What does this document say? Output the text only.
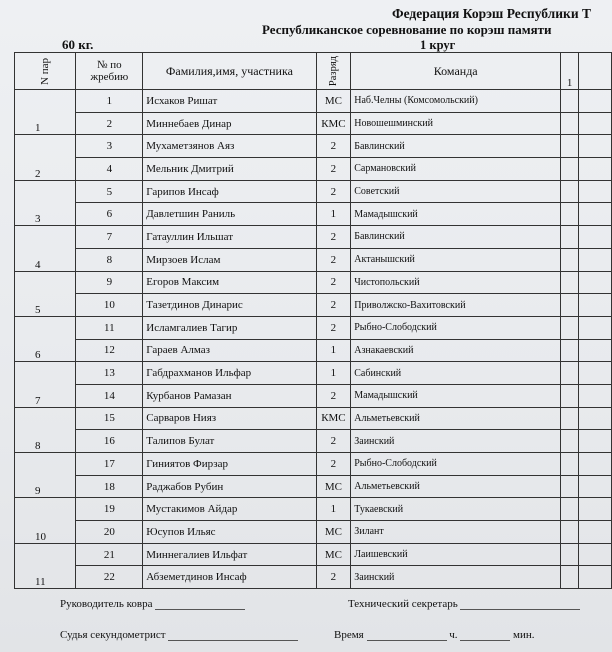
Федерация Корэш Республики Т
Республиканское соревнование по корэш памяти
1 круг
60 кг.
N пар	№ по жребию	Фамилия,имя, участника	Разряд	Команда	1	
1	1	Исхаков Ришат	МС	Наб.Челны (Комсомольский)		
	2	Миннебаев Динар	КМС	Новошешминский		
2	3	Мухаметзянов Аяз	2	Бавлинский		
	4	Мельник Дмитрий	2	Сармановский		
3	5	Гарипов Инсаф	2	Советский		
	6	Давлетшин Раниль	1	Мамадышский		
4	7	Гатауллин Ильшат	2	Бавлинский		
	8	Мирзоев Ислам	2	Актанышский		
5	9	Егоров Максим	2	Чистопольский		
	10	Тазетдинов Динарис	2	Приволжско-Вахитовский		
6	11	Исламгалиев Тагир	2	Рыбно-Слободский		
	12	Гараев Алмаз	1	Азнакаевский		
7	13	Габдрахманов Ильфар	1	Сабинский		
	14	Курбанов Рамазан	2	Мамадышский		
8	15	Сарваров Нияз	КМС	Альметьевский		
	16	Талипов Булат	2	Заинский		
9	17	Гиниятов Фирзар	2	Рыбно-Слободский		
	18	Раджабов Рубин	МС	Альметьевский		
10	19	Мустакимов Айдар	1	Тукаевский		
	20	Юсупов Ильяс	МС	Зилант		
11	21	Миннегалиев Ильфат	МС	Лаишевский		
	22	Абземетдинов Инсаф	2	Заинский		
Руководитель ковра	Технический секретарь
Судья секундометрист	Время	ч.	мин.
